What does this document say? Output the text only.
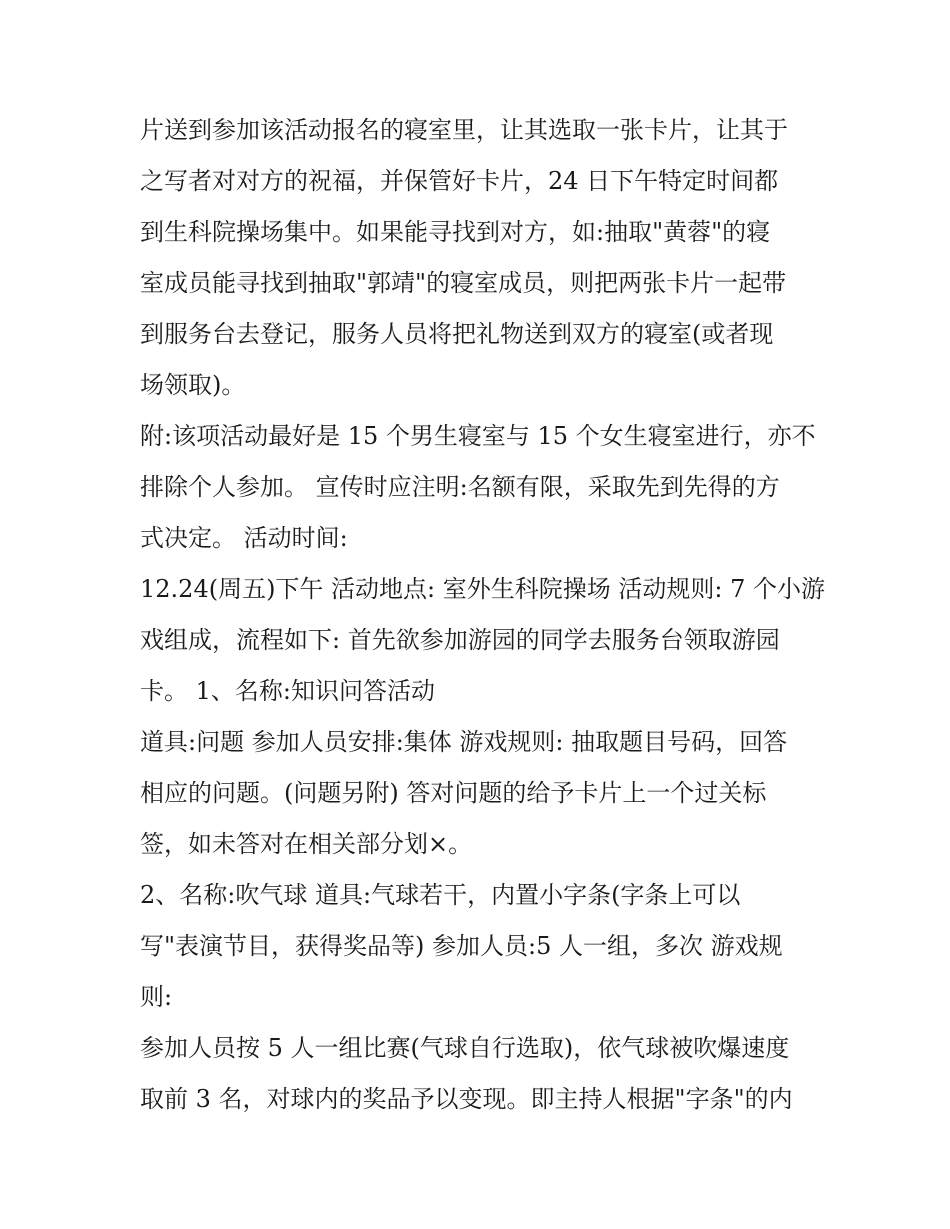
片送到参加该活动报名的寝室里，让其选取一张卡片，让其于
之写者对对方的祝福，并保管好卡片，24 日下午特定时间都
到生科院操场集中。如果能寻找到对方，如:抽取"黄蓉"的寝
室成员能寻找到抽取"郭靖"的寝室成员，则把两张卡片一起带
到服务台去登记，服务人员将把礼物送到双方的寝室(或者现
场领取)。
附:该项活动最好是 15 个男生寝室与 15 个女生寝室进行，亦不
排除个人参加。 宣传时应注明:名额有限，采取先到先得的方
式决定。 活动时间:
12.24(周五)下午 活动地点: 室外生科院操场 活动规则: 7 个小游
戏组成，流程如下: 首先欲参加游园的同学去服务台领取游园
卡。 1、名称:知识问答活动
道具:问题 参加人员安排:集体 游戏规则: 抽取题目号码，回答
相应的问题。(问题另附) 答对问题的给予卡片上一个过关标
签，如未答对在相关部分划×。
2、名称:吹气球 道具:气球若干，内置小字条(字条上可以
写"表演节目，获得奖品等) 参加人员:5 人一组，多次 游戏规
则:
参加人员按 5 人一组比赛(气球自行选取)，依气球被吹爆速度
取前 3 名，对球内的奖品予以变现。即主持人根据"字条"的内
